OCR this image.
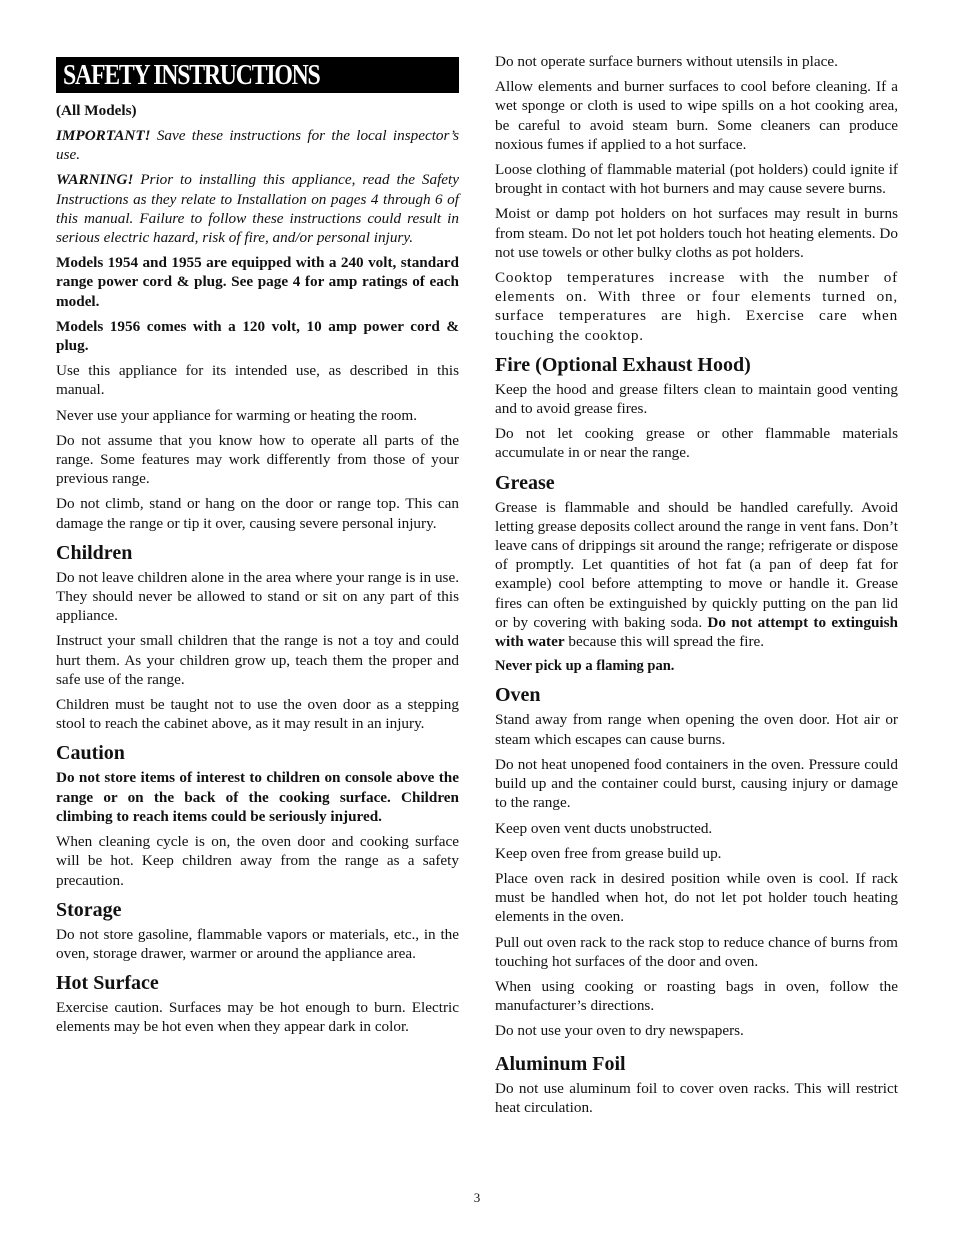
SAFETY INSTRUCTIONS
(All Models)

IMPORTANT! Save these instructions for the local inspector’s use.

WARNING! Prior to installing this appliance, read the Safety Instructions as they relate to Installation on pages 4 through 6 of this manual. Failure to follow these instructions could result in serious electric hazard, risk of fire, and/or personal injury.

Models 1954 and 1955 are equipped with a 240 volt, standard range power cord & plug. See page 4 for amp ratings of each model.

Models 1956 comes with a 120 volt, 10 amp power cord & plug.

Use this appliance for its intended use, as described in this manual.

Never use your appliance for warming or heating the room.

Do not assume that you know how to operate all parts of the range. Some features may work differently from those of your previous range.

Do not climb, stand or hang on the door or range top. This can damage the range or tip it over, causing severe personal injury.

Children

Do not leave children alone in the area where your range is in use. They should never be allowed to stand or sit on any part of this appliance.

Instruct your small children that the range is not a toy and could hurt them. As your children grow up, teach them the proper and safe use of the range.

Children must be taught not to use the oven door as a stepping stool to reach the cabinet above, as it may result in an injury.

Caution

Do not store items of interest to children on console above the range or on the back of the cooking surface. Children climbing to reach items could be seriously injured.

When cleaning cycle is on, the oven door and cooking surface will be hot. Keep children away from the range as a safety precaution.

Storage

Do not store gasoline, flammable vapors or materials, etc., in the oven, storage drawer, warmer or around the appliance area.

Hot Surface

Exercise caution. Surfaces may be hot enough to burn. Electric elements may be hot even when they appear dark in color.

Do not operate surface burners without utensils in place.

Allow elements and burner surfaces to cool before cleaning. If a wet sponge or cloth is used to wipe spills on a hot cooking area, be careful to avoid steam burn. Some cleaners can produce noxious fumes if applied to a hot surface.

Loose clothing of flammable material (pot holders) could ignite if brought in contact with hot burners and may cause severe burns.

Moist or damp pot holders on hot surfaces may result in burns from steam. Do not let pot holders touch hot heating elements. Do not use towels or other bulky cloths as pot holders.

Cooktop temperatures increase with the number of elements on. With three or four elements turned on, surface temperatures are high. Exercise care when touching the cooktop.

Fire (Optional Exhaust Hood)

Keep the hood and grease filters clean to maintain good venting and to avoid grease fires.

Do not let cooking grease or other flammable materials accumulate in or near the range.

Grease

Grease is flammable and should be handled carefully. Avoid letting grease deposits collect around the range in vent fans. Don’t leave cans of drippings sit around the range; refrigerate or dispose of promptly. Let quantities of hot fat (a pan of deep fat for example) cool before attempting to move or handle it. Grease fires can often be extinguished by quickly putting on the pan lid or by covering with baking soda. Do not attempt to extinguish with water because this will spread the fire.

Never pick up a flaming pan.

Oven

Stand away from range when opening the oven door. Hot air or steam which escapes can cause burns.

Do not heat unopened food containers in the oven. Pressure could build up and the container could burst, causing injury or damage to the range.

Keep oven vent ducts unobstructed.

Keep oven free from grease build up.

Place oven rack in desired position while oven is cool. If rack must be handled when hot, do not let pot holder touch heating elements in the oven.

Pull out oven rack to the rack stop to reduce chance of burns from touching hot surfaces of the door and oven.

When using cooking or roasting bags in oven, follow the manufacturer’s directions.

Do not use your oven to dry newspapers.

Aluminum Foil

Do not use aluminum foil to cover oven racks. This will restrict heat circulation.

3
